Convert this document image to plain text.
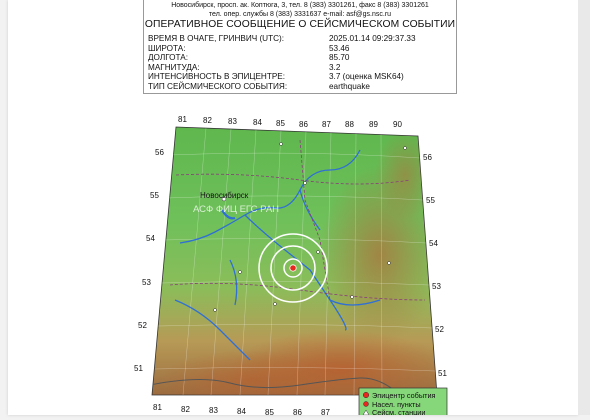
Новосибирск, просп. ак. Коптюга, 3, тел. 8 (383) 3301261, факс 8 (383) 3301261
тел. опер. службы 8 (383) 3331637 e-mail: asf@gs.nsc.ru
ОПЕРАТИВНОЕ СООБЩЕНИЕ О СЕЙСМИЧЕСКОМ СОБЫТИИ
ВРЕМЯ В ОЧАГЕ, ГРИНВИЧ (UTC):	2025.01.14 09:29:37.33
ШИРОТА:	53.46
ДОЛГОТА:	85.70
МАГНИТУДА:	3.2
ИНТЕНСИВНОСТЬ В ЭПИЦЕНТРЕ:	3.7 (оценка MSK64)
ТИП СЕЙСМИЧЕСКОГО СОБЫТИЯ:	earthquake
81 82 83 84 85 86 87 88 89 90
81 82 83 84 85 86 87
56
55
54
53
52
51
56
55
54
53
52
51
Новосибирск
АСФ ФИЦ ЕГС РАН
Эпицентр события
Насел. пункты
Сейсм. станции
